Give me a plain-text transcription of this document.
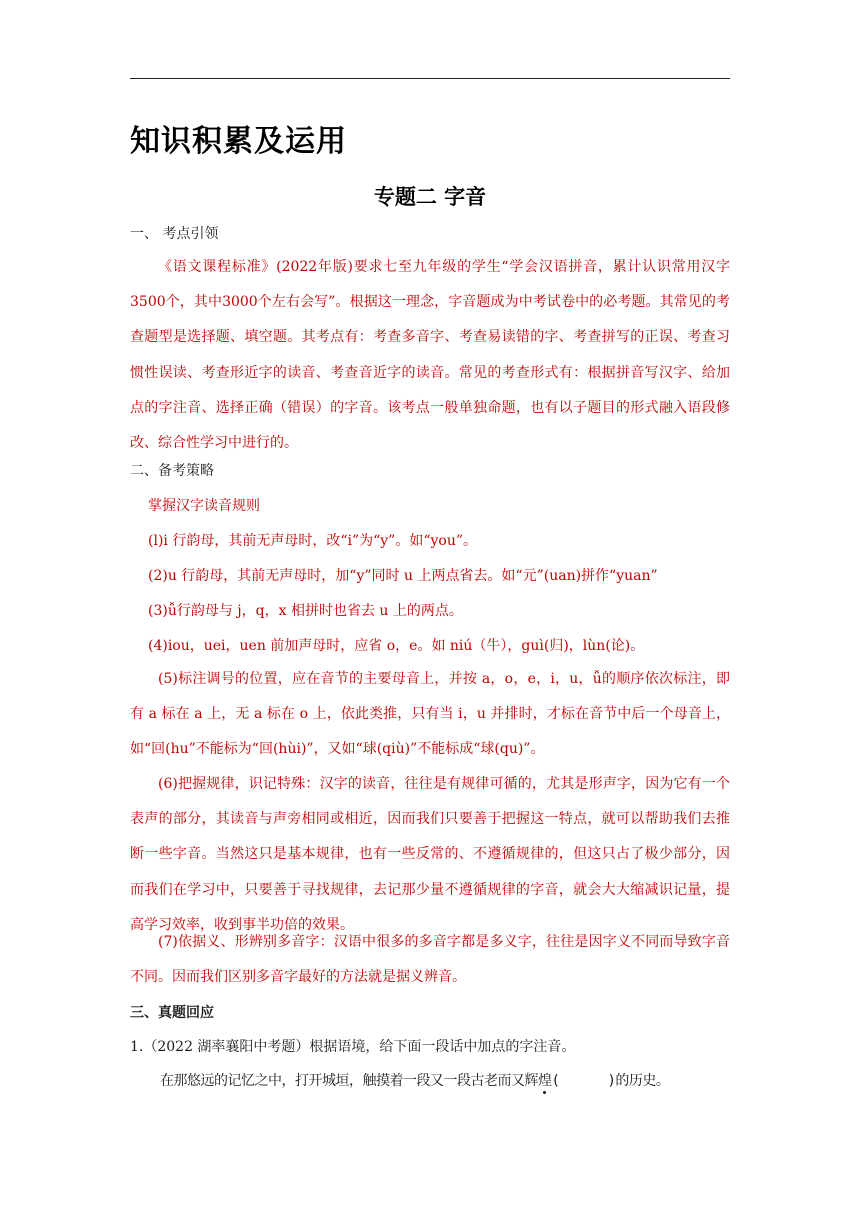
知识积累及运用
专题二 字音
一、 考点引领

《语文课程标准》(2022年版)要求七至九年级的学生“学会汉语拼音，累计认识常用汉字3500个，其中3000个左右会写”。根据这一理念，字音题成为中考试卷中的必考题。其常见的考查题型是选择题、填空题。其考点有：考查多音字、考查易读错的字、考查拼写的正误、考查习惯性误读、考查形近字的读音、考查音近字的读音。常见的考查形式有：根据拼音写汉字、给加点的字注音、选择正确（错误）的字音。该考点一般单独命题，也有以子题目的形式融入语段修改、综合性学习中进行的。

二、备考策略
掌握汉字读音规则
(l)i 行韵母，其前无声母时，改“i”为“y”。如“you”。
(2)u 行韵母，其前无声母时，加“y”同时 u 上两点省去。如“元”(uan)拼作“yuan”
(3)ǚ行韵母与 j，q，x 相拼时也省去 u 上的两点。
(4)iou，uei，uen 前加声母时，应省 o，e。如 niú（牛），guì(归)，lùn(论)。

(5)标注调号的位置，应在音节的主要母音上，并按 a，o，e，i，u，ǚ的顺序依次标注，即有 a 标在 a 上，无 a 标在 o 上，依此类推，只有当 i，u 并排时，才标在音节中后一个母音上，如“回(hu”不能标为“回(hùi)”，又如“球(qiù)”不能标成“球(qu)”。

(6)把握规律，识记特殊：汉字的读音，往往是有规律可循的，尤其是形声字，因为它有一个表声的部分，其读音与声旁相同或相近，因而我们只要善于把握这一特点，就可以帮助我们去推断一些字音。当然这只是基本规律，也有一些反常的、不遵循规律的，但这只占了极少部分，因而我们在学习中，只要善于寻找规律，去记那少量不遵循规律的字音，就会大大缩减识记量，提高学习效率，收到事半功倍的效果。

(7)依据义、形辨别多音字：汉语中很多的多音字都是多义字，往往是因字义不同而导致字音不同。因而我们区别多音字最好的方法就是据义辨音。

三、真题回应
1.（2022 湖率襄阳中考题）根据语境，给下面一段话中加点的字注音。
在那悠远的记忆之中，打开城垣，触摸着一段又一段古老而又辉煌(	)的历史。
